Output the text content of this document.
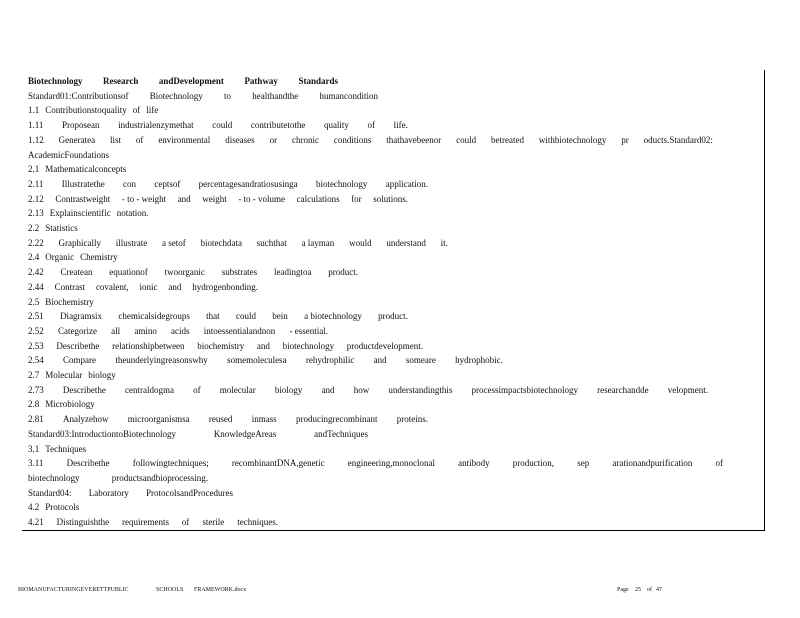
Biotechnology Research andDevelopment Pathway Standards
Standard01:Contributionsof Biotechnology to healthandthe humancondition
1.1 Contributionstoquality of life
1.11 Proposean industrialenzymethat could contributetothe quality of life.
1.12 Generatea list of environmental diseases or chronic conditions thathavebeenor could betreated withbiotechnology pr oducts.Standard02:
AcademicFoundations
2.1 Mathematicalconcepts
2.11 Illustratethe con ceptsof percentagesandratiosusinga biotechnology application.
2.12 Contrastweight - to - weight and weight - to - volume calculations for solutions.
2.13 Explainscientific notation.
2.2 Statistics
2.22 Graphically illustrate a setof biotechdata suchthat a layman would understand it.
2.4 Organic Chemistry
2.42 Createan equationof twoorganic substrates leadingtoa product.
2.44 Contrast covalent, ionic and hydrogenbonding.
2.5 Biochemistry
2.51 Diagramsix chemicalsidegroups that could bein a biotechnology product.
2.52 Categorize all amino acids intoessentialandnon - essential.
2.53 Describethe relationshipbetween biochemistry and biotechnology productdevelopment.
2.54 Compare theunderlyingreasonswhy somemoleculesa rehydrophilic and someare hydrophobic.
2.7 Molecular biology
2.73 Describethe centraldogma of molecular biology and how understandingthis processimpactsbiotechnology researchandde velopment.
2.8 Microbiology
2.81 Analyzehow microorganismsa reused inmass producingrecombinant proteins.
Standard03:IntroductiontoBiotechnology	KnowledgeAreas	andTechniques
3.1 Techniques
3.11	Describethe	followingtechniques;	recombinantDNA,genetic	engineering,monoclonal	antibody	production,	sep	arationandpurification	of
biotechnology	productsandbioprocessing.
Standard04: Laboratory ProtocolsandProcedures
4.2 Protocols
4.21 Distinguishthe requirements of sterile techniques.
BIOMANUFACTURINGEVERETTPUBLIC	SCHOOLS FRAMEWORK.docx	Page 25 of 47
